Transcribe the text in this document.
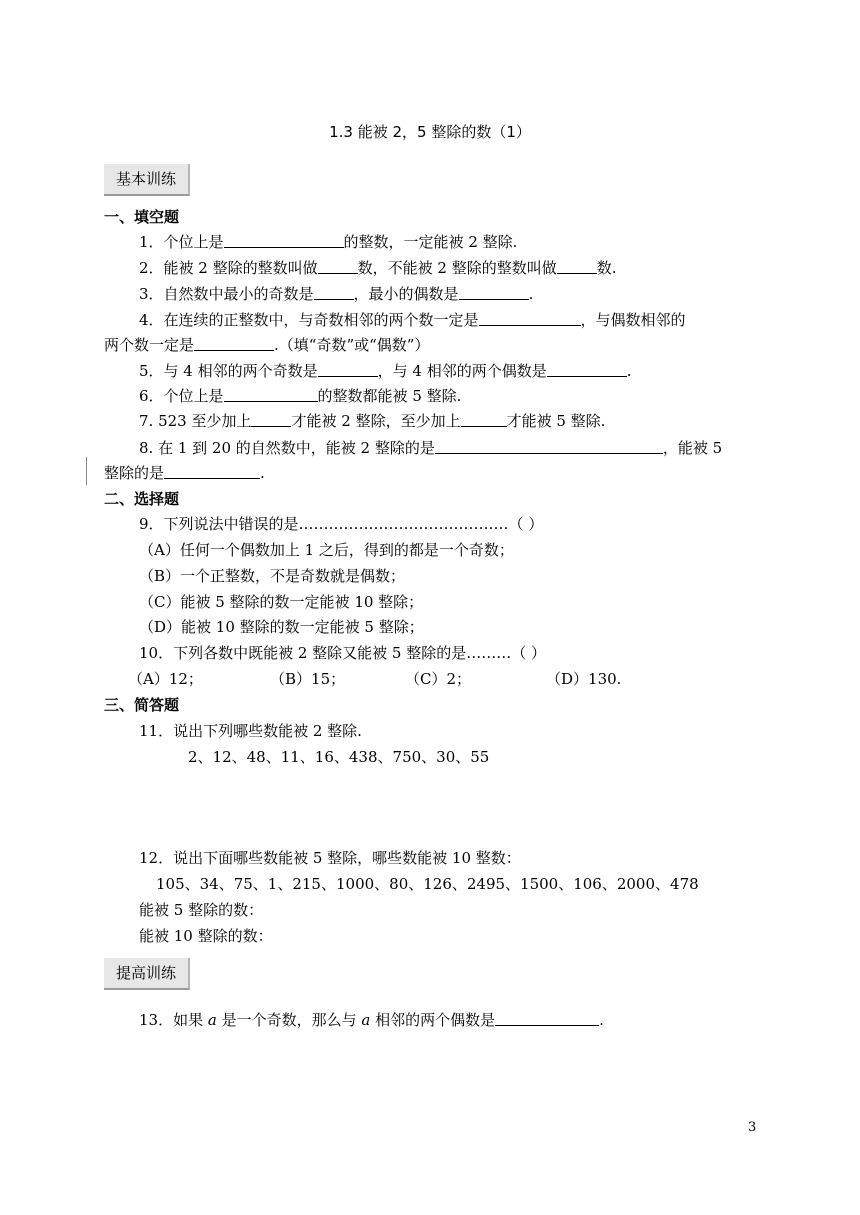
1.3 能被 2，5 整除的数（1）
基本训练
一、填空题
1．个位上是	的整数，一定能被 2 整除.
2．能被 2 整除的整数叫做	数，不能被 2 整除的整数叫做	数.
3．自然数中最小的奇数是	，最小的偶数是	.
4．在连续的正整数中，与奇数相邻的两个数一定是	，与偶数相邻的
两个数一定是	.（填“奇数”或“偶数”）
5．与 4 相邻的两个奇数是	，与 4 相邻的两个偶数是	.
6．个位上是	的整数都能被 5 整除.
7. 523 至少加上	才能被 2 整除，至少加上	才能被 5 整除.
8. 在 1 到 20 的自然数中，能被 2 整除的是	，能被 5
整除的是	.
二、选择题
9．下列说法中错误的是……………………………………（ ）
（A）任何一个偶数加上 1 之后，得到的都是一个奇数；
（B）一个正整数，不是奇数就是偶数；
（C）能被 5 整除的数一定能被 10 整除；
（D）能被 10 整除的数一定能被 5 整除；
10．下列各数中既能被 2 整除又能被 5 整除的是………（ ）
（A）12；	（B）15；	（C）2；	（D）130.
三、简答题
11．说出下列哪些数能被 2 整除.
2、12、48、11、16、438、750、30、55
12．说出下面哪些数能被 5 整除，哪些数能被 10 整数：
105、34、75、1、215、1000、80、126、2495、1500、106、2000、478
能被 5 整除的数：
能被 10 整除的数：
提高训练
13．如果 a 是一个奇数，那么与 a 相邻的两个偶数是	.
3
